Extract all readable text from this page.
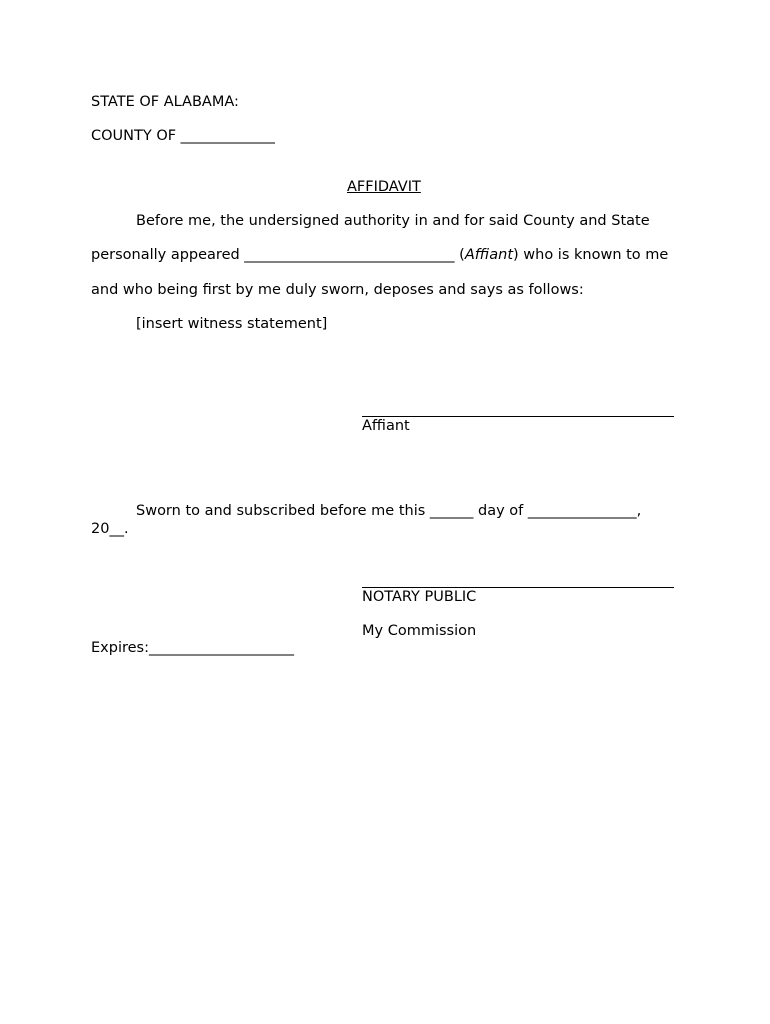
STATE OF ALABAMA:
COUNTY OF _____________
AFFIDAVIT
Before me, the undersigned authority in and for said County and State
personally appeared _____________________________ (Affiant) who is known to me
and who being first by me duly sworn, deposes and says as follows:
[insert witness statement]
Affiant
Sworn to and subscribed before me this ______ day of _______________,
20__.
NOTARY PUBLIC
My Commission
Expires:____________________
